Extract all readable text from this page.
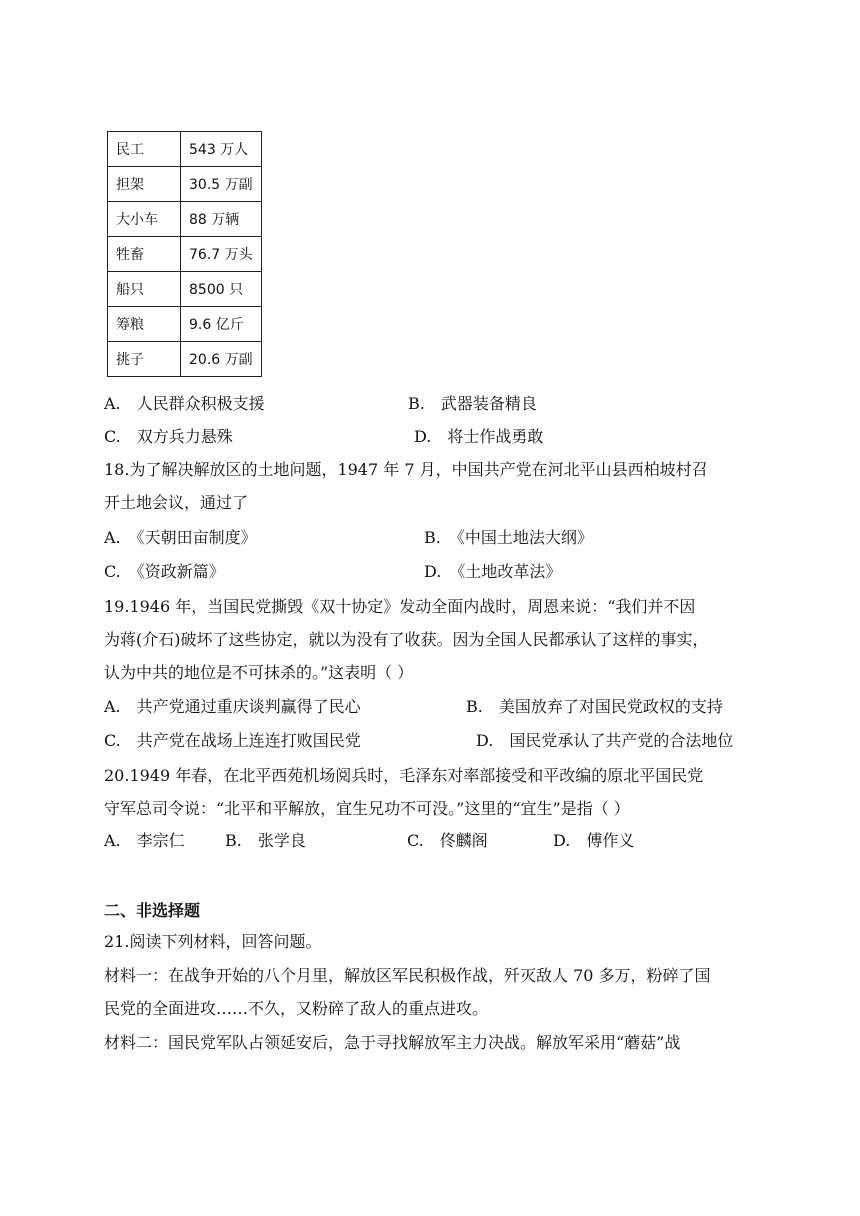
民工	543 万人
担架	30.5 万副
大小车	88 万辆
牲畜	76.7 万头
船只	8500 只
筹粮	9.6 亿斤
挑子	20.6 万副
A.　人民群众积极支援	B.　武器装备精良
C.　双方兵力悬殊	D.　将士作战勇敢
18.为了解决解放区的土地问题，1947 年 7 月，中国共产党在河北平山县西柏坡村召
开土地会议，通过了
A.　《天朝田亩制度》	B.　《中国土地法大纲》
C.　《资政新篇》	D.　《土地改革法》
19.1946 年，当国民党撕毁《双十协定》发动全面内战时，周恩来说：“我们并不因
为蒋(介石)破坏了这些协定，就以为没有了收获。因为全国人民都承认了这样的事实，
认为中共的地位是不可抹杀的。”这表明（ ）
A.　共产党通过重庆谈判赢得了民心	B.　美国放弃了对国民党政权的支持
C.　共产党在战场上连连打败国民党	D.　国民党承认了共产党的合法地位
20.1949 年春，在北平西苑机场阅兵时，毛泽东对率部接受和平改编的原北平国民党
守军总司令说：“北平和平解放，宜生兄功不可没。”这里的“宜生”是指（ ）
A.　李宗仁	B.　张学良	C.　佟麟阁	D.　傅作义
二、非选择题
21.阅读下列材料，回答问题。
材料一：在战争开始的八个月里，解放区军民积极作战，歼灭敌人 70 多万，粉碎了国
民党的全面进攻……不久，又粉碎了敌人的重点进攻。
材料二：国民党军队占领延安后，急于寻找解放军主力决战。解放军采用“蘑菇”战
